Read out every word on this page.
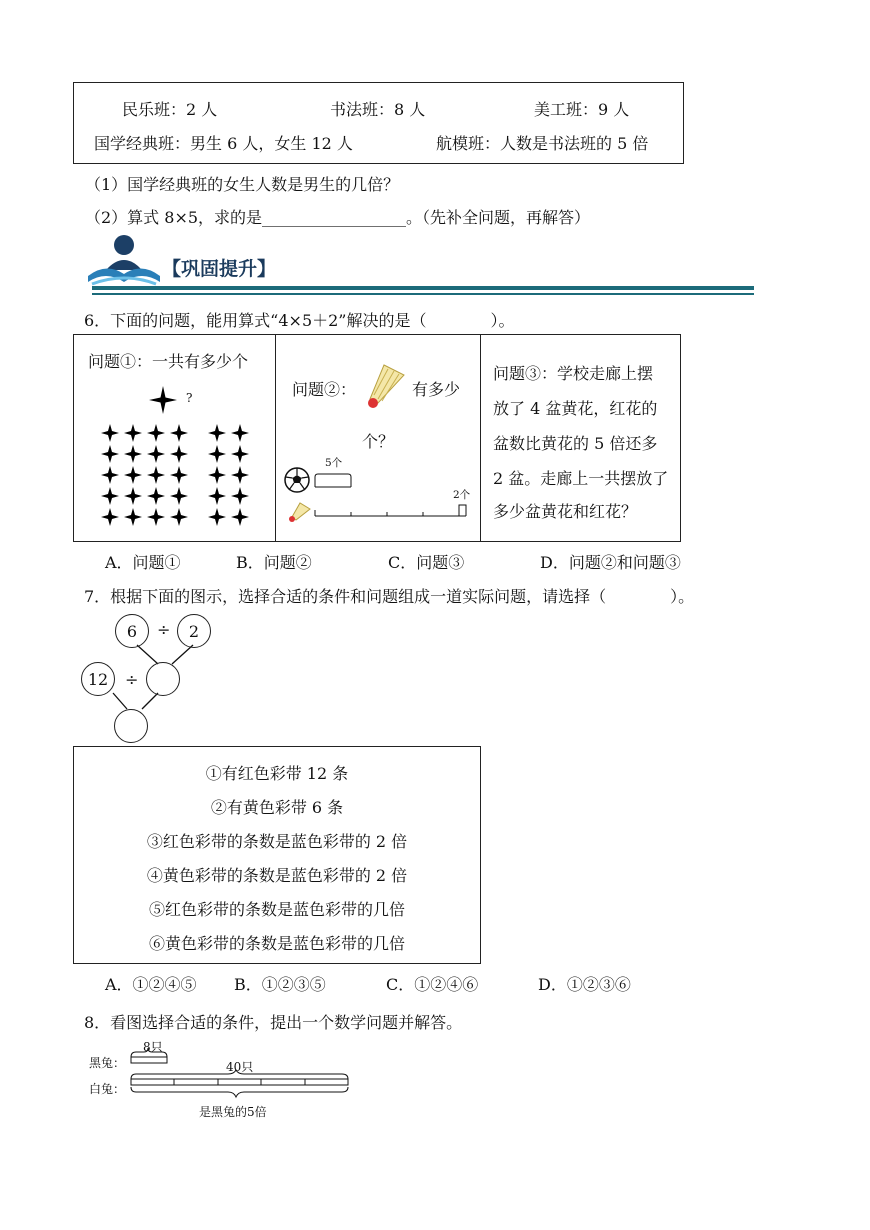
民乐班：2 人	书法班：8 人	美工班：9 人
国学经典班：男生 6 人，女生 12 人	航模班：人数是书法班的 5 倍
（1）国学经典班的女生人数是男生的几倍？
（2）算式 8×5，求的是__________________。（先补全问题，再解答）
【巩固提升】
6．下面的问题，能用算式“4×5＋2”解决的是（　　　　）。
问题①：一共有多少个
?	问题②：	有多少
个？
5个
2个
问题③：学校走廊上摆
放了 4 盆黄花，红花的
盆数比黄花的 5 倍还多
2 盆。走廊上一共摆放了
多少盆黄花和红花？
A．问题①	B．问题②	C．问题③	D．问题②和问题③
7．根据下面的图示，选择合适的条件和问题组成一道实际问题，请选择（　　　　）。
6	÷	2
12	÷
①有红色彩带 12 条
②有黄色彩带 6 条
③红色彩带的条数是蓝色彩带的 2 倍
④黄色彩带的条数是蓝色彩带的 2 倍
⑤红色彩带的条数是蓝色彩带的几倍
⑥黄色彩带的条数是蓝色彩带的几倍
A．①②④⑤ B．①②③⑤	C．①②④⑥	D．①②③⑥
8．看图选择合适的条件，提出一个数学问题并解答。
黑兔：
白兔：
8只
40只
是黑兔的5倍
